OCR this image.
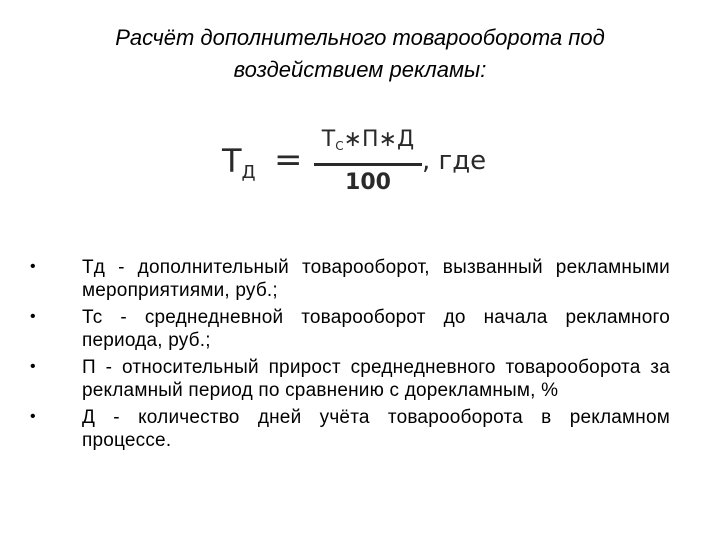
Расчёт дополнительного товарооборота под
воздействием рекламы:
$Т_Д$ =
$Т_С∗П∗Д$
100
, где
• Тд - дополнительный товарооборот, вызванный рекламными мероприятиями, руб.;
• Тс - среднедневной товарооборот до начала рекламного периода, руб.;
• П - относительный прирост среднедневного товарооборота за рекламный период по сравнению с дорекламным, %
• Д - количество дней учёта товарооборота в рекламном процессе.
